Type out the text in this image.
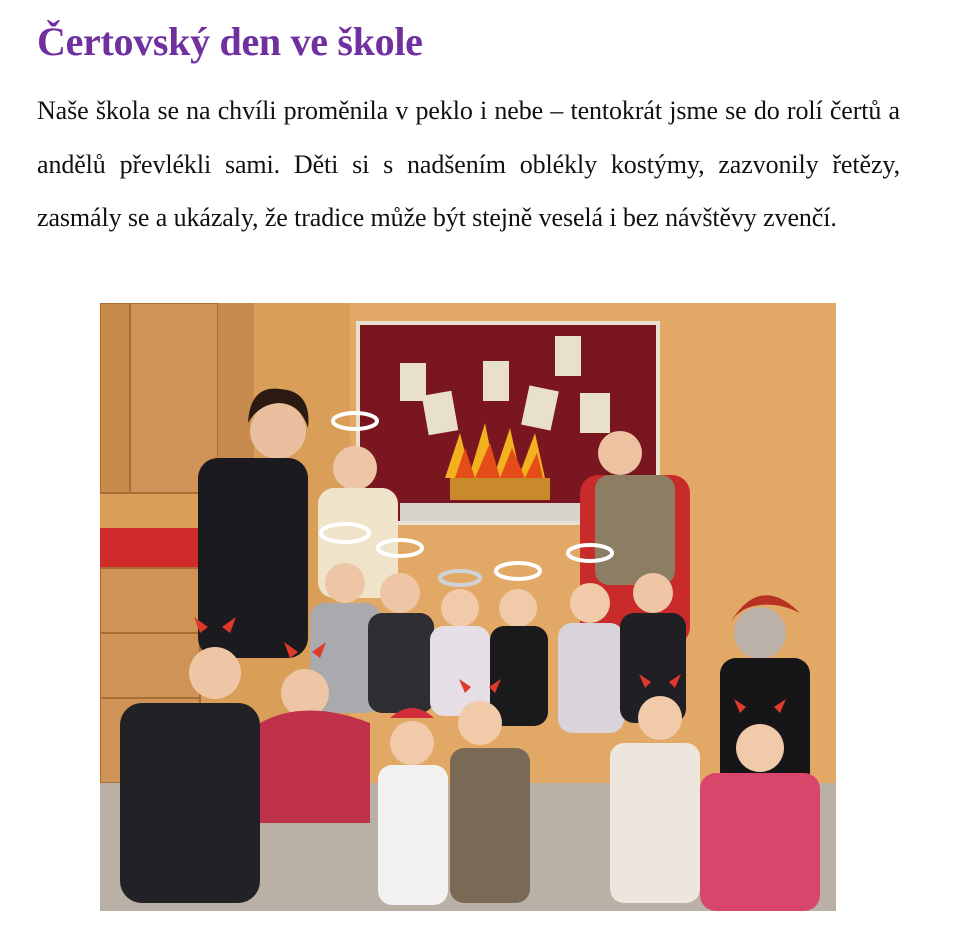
Čertovský den ve škole

Naše škola se na chvíli proměnila v peklo i nebe – tentokrát jsme se do rolí čertů a andělů převlékli sami. Děti si s nadšením oblékly kostýmy, zazvonily řetězy, zasmály se a ukázaly, že tradice může být stejně veselá i bez návštěvy zvenčí.
